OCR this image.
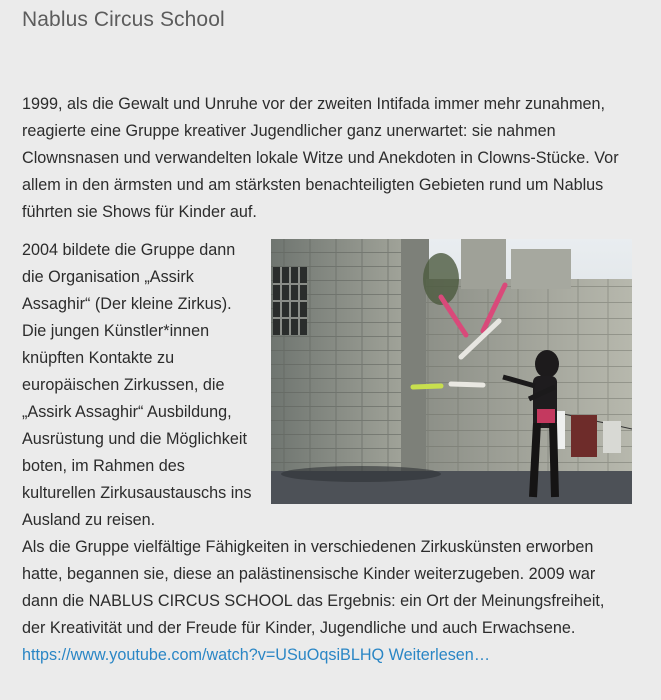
Nablus Circus School

1999, als die Gewalt und Unruhe vor der zweiten Intifada immer mehr zunahmen, reagierte eine Gruppe kreativer Jugendlicher ganz unerwartet: sie nahmen Clownsnasen und verwandelten lokale Witze und Anekdoten in Clowns-Stücke. Vor allem in den ärmsten und am stärksten benachteiligten Gebieten rund um Nablus führten sie Shows für Kinder auf.

2004 bildete die Gruppe dann die Organisation „Assirk Assaghir“ (Der kleine Zirkus). Die jungen Künstler*innen knüpften Kontakte zu europäischen Zirkussen, die „Assirk Assaghir“ Ausbildung, Ausrüstung und die Möglichkeit boten, im Rahmen des kulturellen Zirkusaustauschs ins Ausland zu reisen.

Als die Gruppe vielfältige Fähigkeiten in verschiedenen Zirkuskünsten erworben hatte, begannen sie, diese an palästinensische Kinder weiterzugeben. 2009 war dann die NABLUS CIRCUS SCHOOL das Ergebnis: ein Ort der Meinungsfreiheit, der Kreativität und der Freude für Kinder, Jugendliche und auch Erwachsene. https://www.youtube.com/watch?v=USuOqsiBLHQ Weiterlesen…
